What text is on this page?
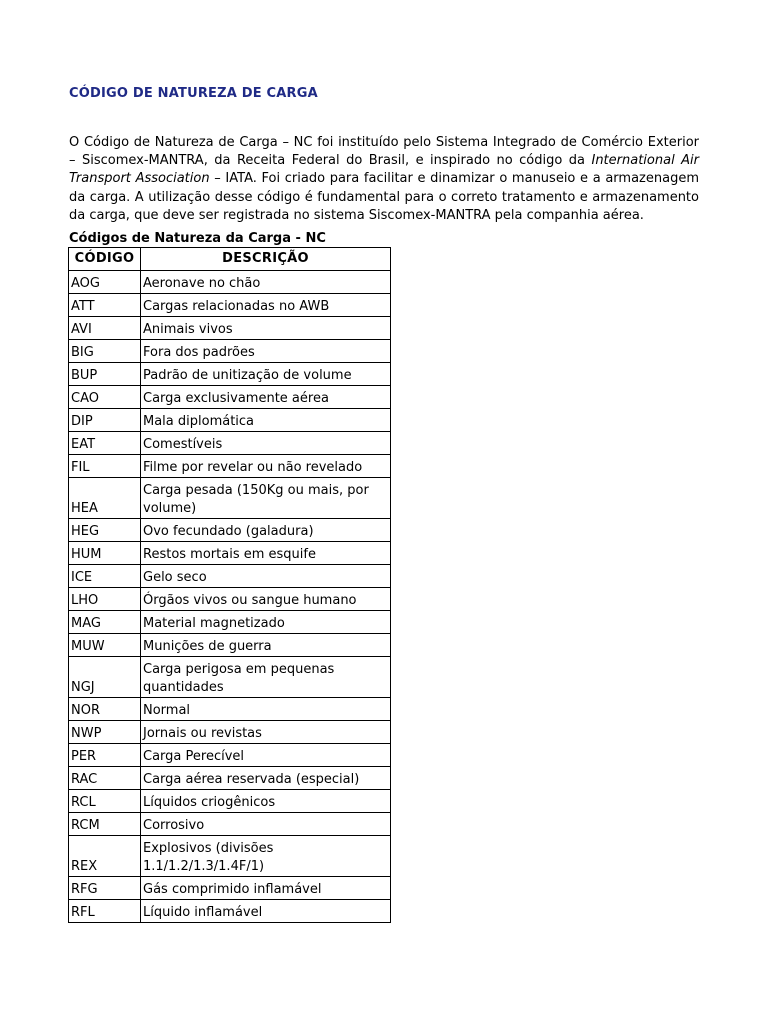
CÓDIGO DE NATUREZA DE CARGA

O Código de Natureza de Carga – NC foi instituído pelo Sistema Integrado de Comércio Exterior – Siscomex-MANTRA, da Receita Federal do Brasil, e inspirado no código da International Air Transport Association – IATA. Foi criado para facilitar e dinamizar o manuseio e a armazenagem da carga. A utilização desse código é fundamental para o correto tratamento e armazenamento da carga, que deve ser registrada no sistema Siscomex-MANTRA pela companhia aérea.

Códigos de Natureza da Carga - NC
CÓDIGO	DESCRIÇÃO
AOG	Aeronave no chão
ATT	Cargas relacionadas no AWB
AVI	Animais vivos
BIG	Fora dos padrões
BUP	Padrão de unitização de volume
CAO	Carga exclusivamente aérea
DIP	Mala diplomática
EAT	Comestíveis
FIL	Filme por revelar ou não revelado
HEA	Carga pesada (150Kg ou mais, por volume)
HEG	Ovo fecundado (galadura)
HUM	Restos mortais em esquife
ICE	Gelo seco
LHO	Órgãos vivos ou sangue humano
MAG	Material magnetizado
MUW	Munições de guerra
NGJ	Carga perigosa em pequenas quantidades
NOR	Normal
NWP	Jornais ou revistas
PER	Carga Perecível
RAC	Carga aérea reservada (especial)
RCL	Líquidos criogênicos
RCM	Corrosivo
REX	Explosivos (divisões 1.1/1.2/1.3/1.4F/1)
RFG	Gás comprimido inflamável
RFL	Líquido inflamável
